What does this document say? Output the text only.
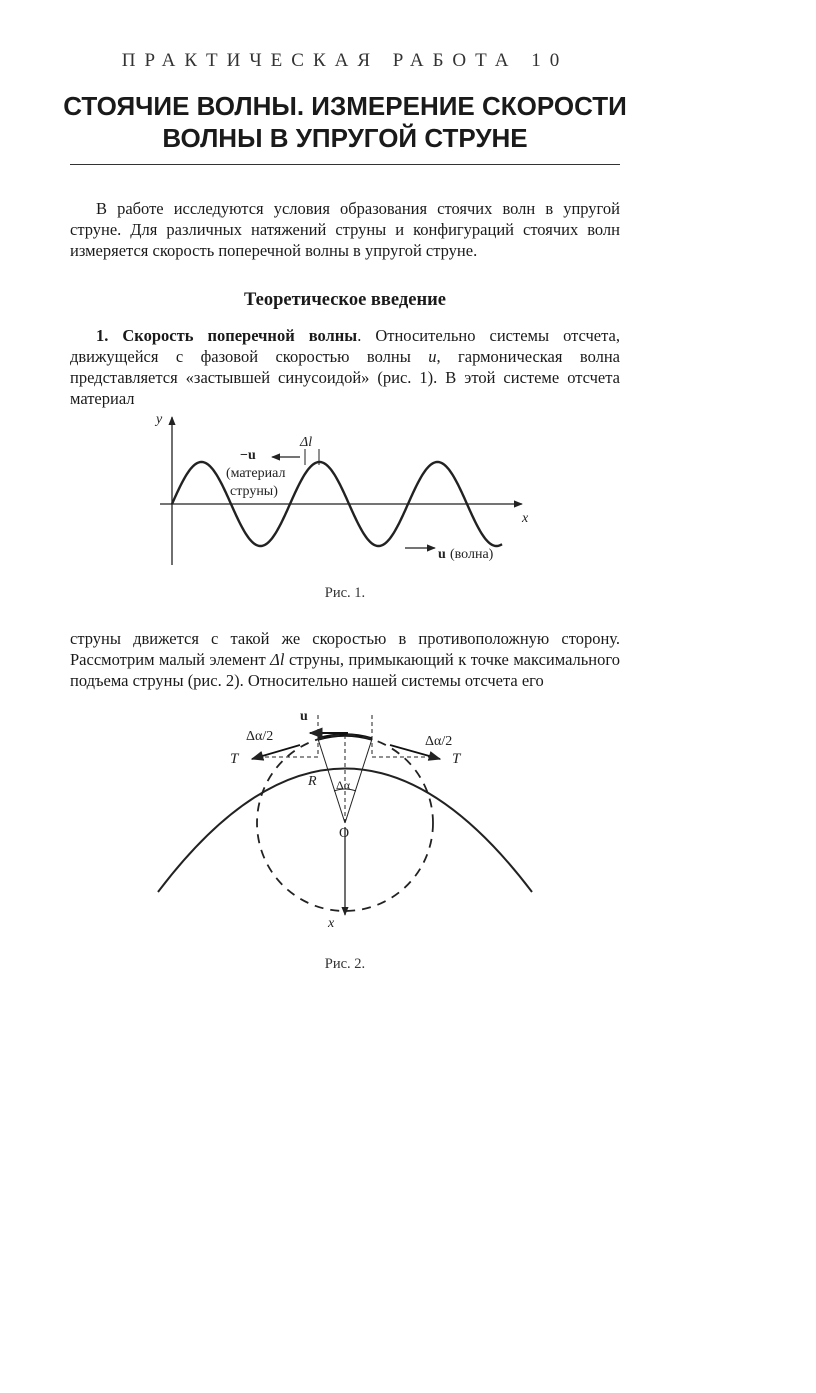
ПРАКТИЧЕСКАЯ РАБОТА 10
СТОЯЧИЕ ВОЛНЫ. ИЗМЕРЕНИЕ СКОРОСТИ
ВОЛНЫ В УПРУГОЙ СТРУНЕ

В работе исследуются условия образования стоячих волн в упругой струне. Для различных натяжений струны и конфигураций стоячих волн измеряется скорость поперечной волны в упругой струне.

Теоретическое введение

1. Скорость поперечной волны. Относительно системы отсчета, движущейся с фазовой скоростью волны u, гармоническая волна представляется «застывшей синусоидой» (рис. 1). В этой системе отсчета материал

y
x
−u
(материал
струны)
Δl
u (волна)
Рис. 1.

струны движется с такой же скоростью в противоположную сторону. Рассмотрим малый элемент Δl струны, примыкающий к точке максимального подъема струны (рис. 2). Относительно нашей системы отсчета его

u
T	T
Δα/2	Δα/2
R Δα
O
x
Рис. 2.
